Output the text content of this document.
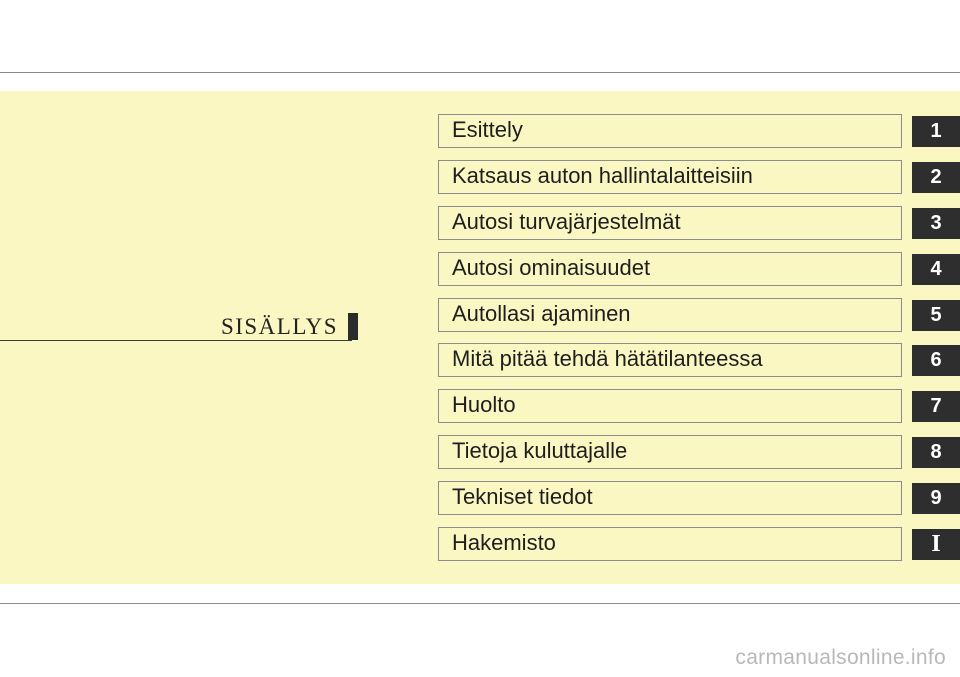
SISÄLLYS
Esittely	1
Katsaus auton hallintalaitteisiin	2
Autosi turvajärjestelmät	3
Autosi ominaisuudet	4
Autollasi ajaminen	5
Mitä pitää tehdä hätätilanteessa	6
Huolto	7
Tietoja kuluttajalle	8
Tekniset tiedot	9
Hakemisto	I
carmanualsonline.info
